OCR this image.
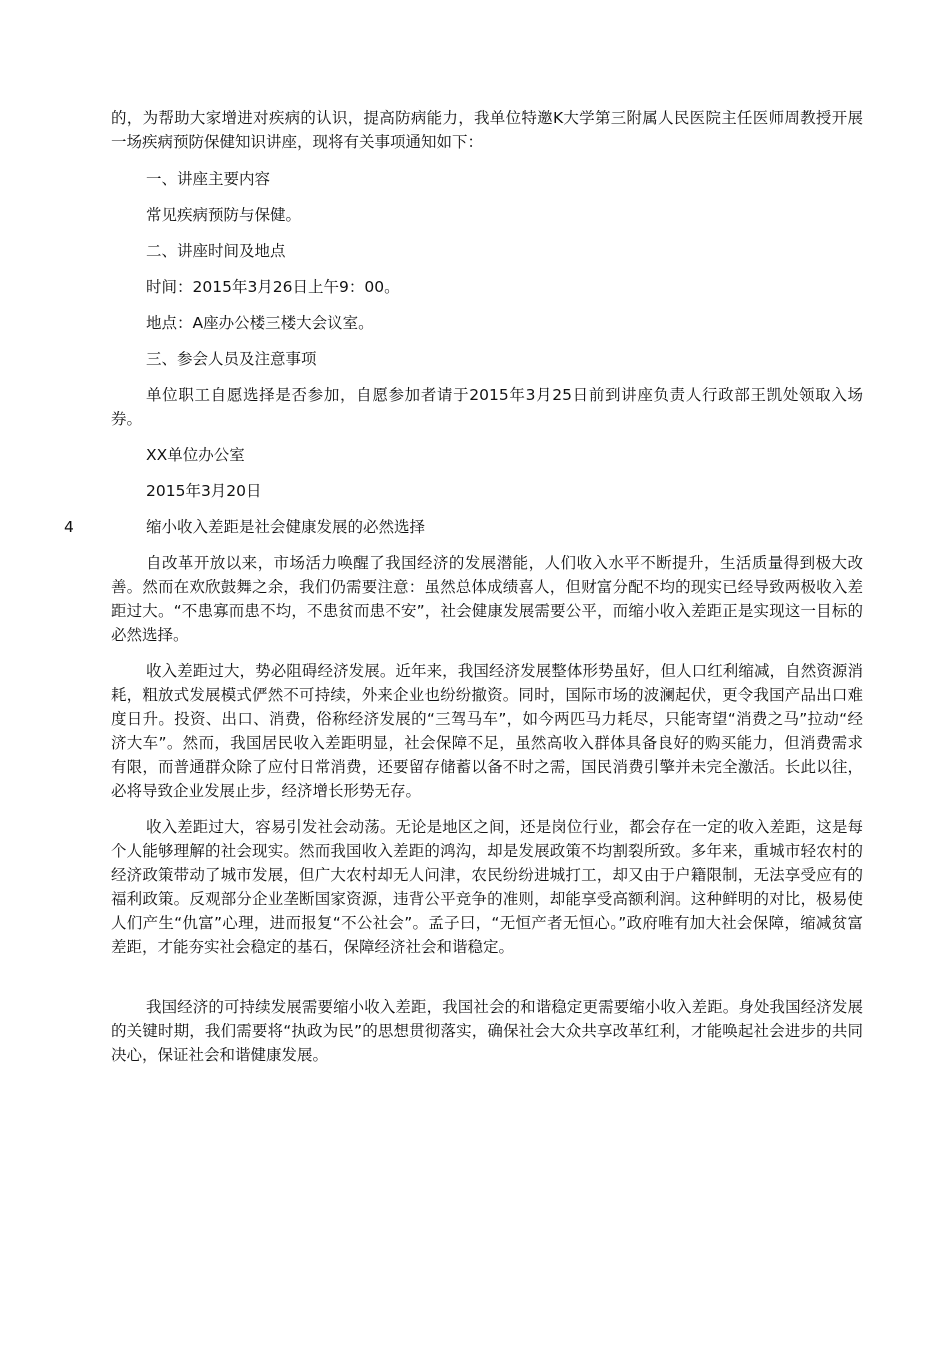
的，为帮助大家增进对疾病的认识，提高防病能力，我单位特邀K大学第三附属人民医院主任医师周教授开展一场疾病预防保健知识讲座，现将有关事项通知如下：

一、讲座主要内容

常见疾病预防与保健。

二、讲座时间及地点

时间：2015年3月26日上午9：00。

地点：A座办公楼三楼大会议室。

三、参会人员及注意事项

单位职工自愿选择是否参加，自愿参加者请于2015年3月25日前到讲座负责人行政部王凯处领取入场券。

XX单位办公室

2015年3月20日

4	缩小收入差距是社会健康发展的必然选择

自改革开放以来，市场活力唤醒了我国经济的发展潜能，人们收入水平不断提升，生活质量得到极大改善。然而在欢欣鼓舞之余，我们仍需要注意：虽然总体成绩喜人，但财富分配不均的现实已经导致两极收入差距过大。“不患寡而患不均，不患贫而患不安”，社会健康发展需要公平，而缩小收入差距正是实现这一目标的必然选择。

收入差距过大，势必阻碍经济发展。近年来，我国经济发展整体形势虽好，但人口红利缩减，自然资源消耗，粗放式发展模式俨然不可持续，外来企业也纷纷撤资。同时，国际市场的波澜起伏，更令我国产品出口难度日升。投资、出口、消费，俗称经济发展的“三驾马车”，如今两匹马力耗尽，只能寄望“消费之马”拉动“经济大车”。然而，我国居民收入差距明显，社会保障不足，虽然高收入群体具备良好的购买能力，但消费需求有限，而普通群众除了应付日常消费，还要留存储蓄以备不时之需，国民消费引擎并未完全激活。长此以往，必将导致企业发展止步，经济增长形势无存。

收入差距过大，容易引发社会动荡。无论是地区之间，还是岗位行业，都会存在一定的收入差距，这是每个人能够理解的社会现实。然而我国收入差距的鸿沟，却是发展政策不均割裂所致。多年来，重城市轻农村的经济政策带动了城市发展，但广大农村却无人问津，农民纷纷进城打工，却又由于户籍限制，无法享受应有的福利政策。反观部分企业垄断国家资源，违背公平竞争的准则，却能享受高额利润。这种鲜明的对比，极易使人们产生“仇富”心理，进而报复“不公社会”。孟子曰，“无恒产者无恒心。”政府唯有加大社会保障，缩减贫富差距，才能夯实社会稳定的基石，保障经济社会和谐稳定。

我国经济的可持续发展需要缩小收入差距，我国社会的和谐稳定更需要缩小收入差距。身处我国经济发展的关键时期，我们需要将“执政为民”的思想贯彻落实，确保社会大众共享改革红利，才能唤起社会进步的共同决心，保证社会和谐健康发展。
